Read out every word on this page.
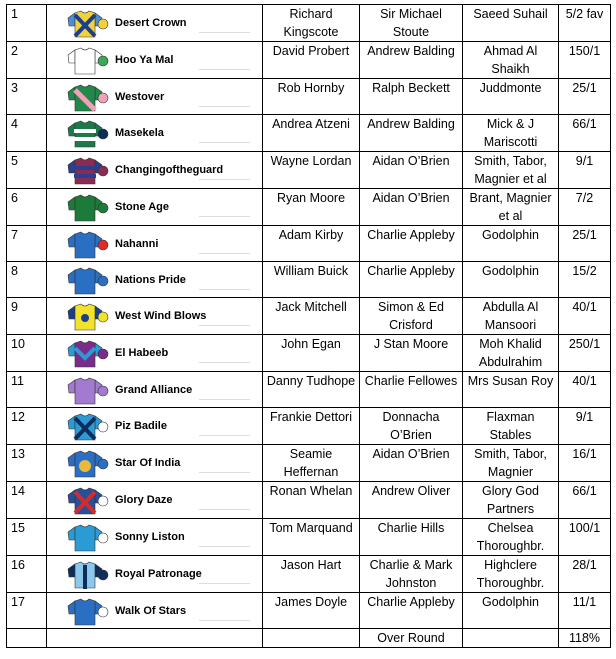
1	Desert Crown	Richard Kingscote	Sir Michael Stoute	Saeed Suhail	5/2 fav
2	Hoo Ya Mal	David Probert	Andrew Balding	Ahmad Al Shaikh	150/1
3	Westover	Rob Hornby	Ralph Beckett	Juddmonte	25/1
4	Masekela	Andrea Atzeni	Andrew Balding	Mick & J Mariscotti	66/1
5	Changingoftheguard	Wayne Lordan	Aidan O’Brien	Smith, Tabor, Magnier et al	9/1
6	Stone Age	Ryan Moore	Aidan O’Brien	Brant, Magnier et al	7/2
7	Nahanni	Adam Kirby	Charlie Appleby	Godolphin	25/1
8	Nations Pride	William Buick	Charlie Appleby	Godolphin	15/2
9	West Wind Blows	Jack Mitchell	Simon & Ed Crisford	Abdulla Al Mansoori	40/1
10	El Habeeb	John Egan	J Stan Moore	Moh Khalid Abdulrahim	250/1
11	Grand Alliance	Danny Tudhope	Charlie Fellowes	Mrs Susan Roy	40/1
12	Piz Badile	Frankie Dettori	Donnacha O’Brien	Flaxman Stables	9/1
13	Star Of India	Seamie Heffernan	Aidan O’Brien	Smith, Tabor, Magnier	16/1
14	Glory Daze	Ronan Whelan	Andrew Oliver	Glory God Partners	66/1
15	Sonny Liston	Tom Marquand	Charlie Hills	Chelsea Thoroughbr.	100/1
16	Royal Patronage	Jason Hart	Charlie & Mark Johnston	Highclere Thoroughbr.	28/1
17	Walk Of Stars	James Doyle	Charlie Appleby	Godolphin	11/1
			Over Round		118%
